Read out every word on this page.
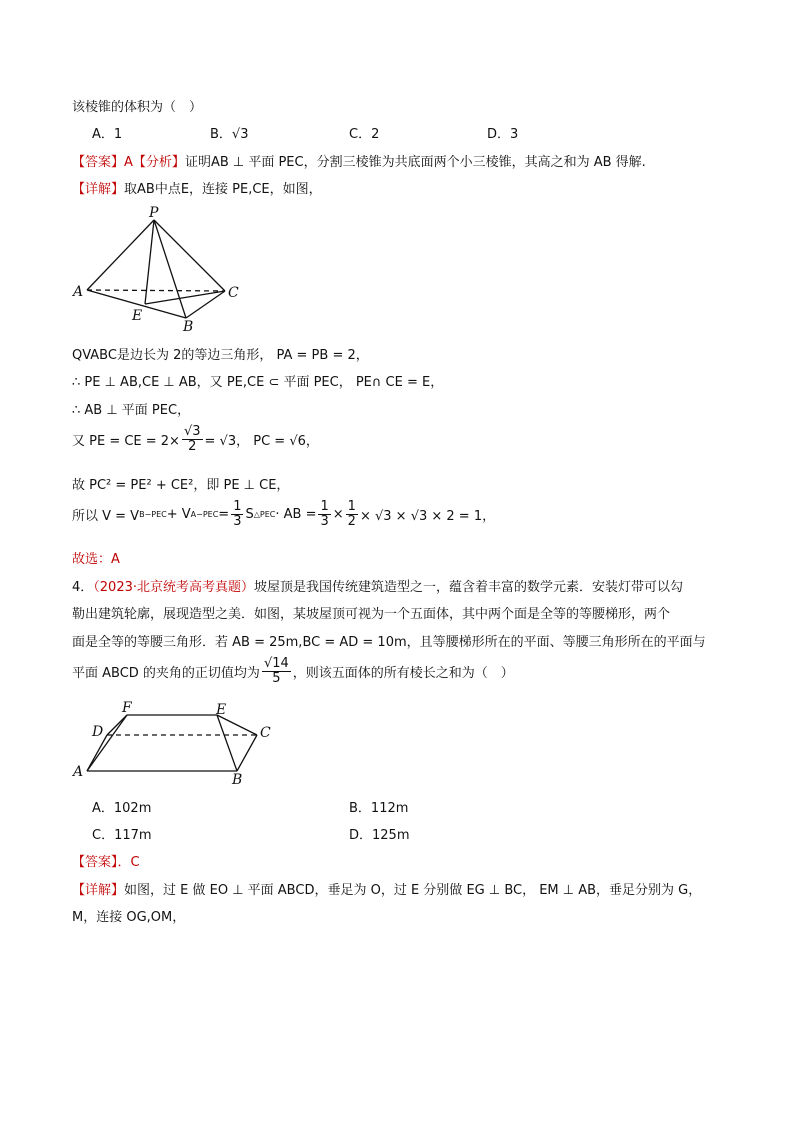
该棱锥的体积为（　）
A．1	B．√3	C．2	D．3
【答案】A【分析】证明AB ⊥ 平面 PEC，分割三棱锥为共底面两个小三棱锥，其高之和为 AB 得解.
【详解】取AB中点E，连接 PE,CE，如图，
P
A	C
E
B
QVABC是边长为 2的等边三角形， PA = PB = 2，
∴ PE ⊥ AB,CE ⊥ AB，又 PE,CE ⊂ 平面 PEC， PE∩ CE = E，
∴ AB ⊥ 平面 PEC，
又 PE = CE = $2\times \frac{√3}{2} = √3$， PC = √6，
故 PC² = PE² + CE²，即 PE ⊥ CE，
所以 V = V B−PEC + V $A-PEC = \frac{1}{3}$ S △PEC · AB = $\frac{1}{3} \times \frac{1}{2} \times √3 \times √3 \times 2 = 1$，
故选：A
4．（2023·北京统考高考真题）坡屋顶是我国传统建筑造型之一，蕴含着丰富的数学元素．安装灯带可以勾
勒出建筑轮廓，展现造型之美．如图，某坡屋顶可视为一个五面体，其中两个面是全等的等腰梯形，两个
面是全等的等腰三角形．若 AB = 25m,BC = AD = 10m，且等腰梯形所在的平面、等腰三角形所在的平面与
平面 ABCD 的夹角的正切值均为 $\frac{√14}{5}$ ，则该五面体的所有棱长之和为（　）
F	E
D	C
A	B
A．102m	B．112m
C．117m	D．125m
【答案】．C
【详解】如图，过 E 做 EO ⊥ 平面 ABCD，垂足为 O，过 E 分别做 EG ⊥ BC， EM ⊥ AB，垂足分别为 G，
M，连接 OG,OM，
